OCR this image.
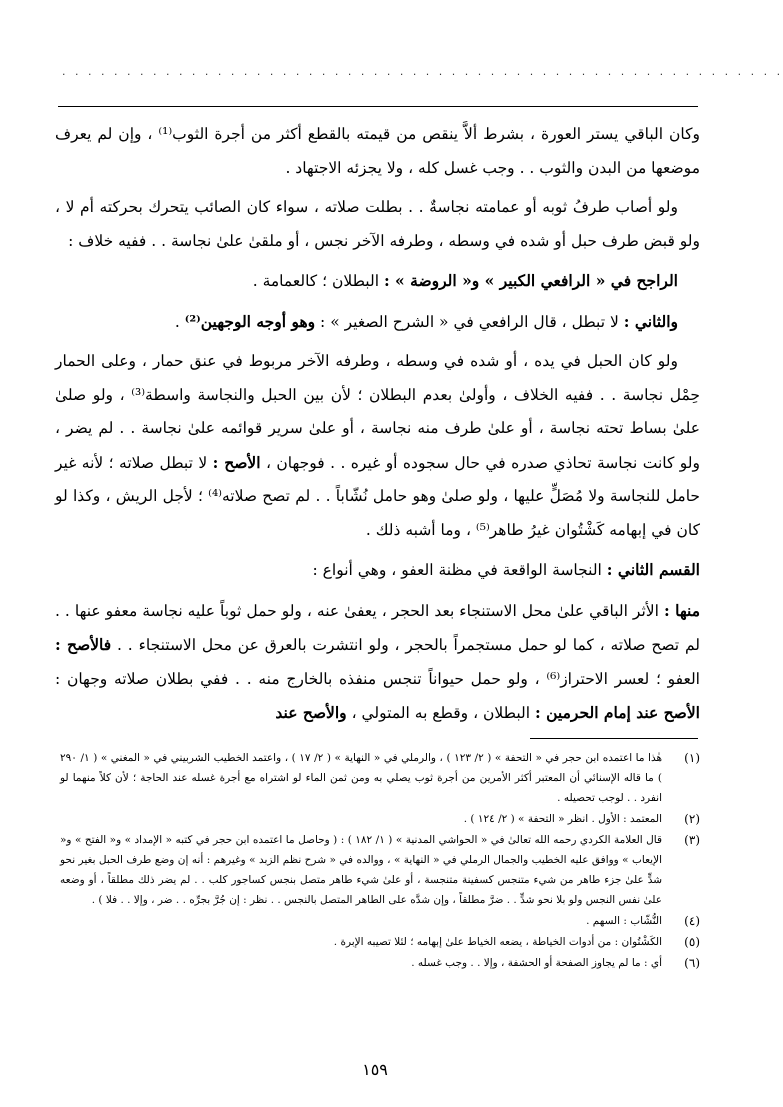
· · · · · · · · · · · · · · · · · · · · · · · · · · · · · · · · · · · · · · · · · · · · · · · · · · · · · · · ·

وكان الباقي يستر العورة ، بشرط ألاَّ ينقص من قيمته بالقطع أكثر من أجرة الثوب⁽¹⁾ ، وإن لم يعرف موضعها من البدن والثوب . . وجب غسل كله ، ولا يجزئه الاجتهاد .

ولو أصاب طرفُ ثوبه أو عمامته نجاسةٌ . . بطلت صلاته ، سواء كان الصائب يتحرك بحركته أم لا ، ولو قبض طرف حبل أو شده في وسطه ، وطرفه الآخر نجس ، أو ملقىٰ علىٰ نجاسة . . ففيه خلاف :

الراجح في « الرافعي الكبير » و« الروضة » : البطلان ؛ كالعمامة .

والثاني : لا تبطل ، قال الرافعي في « الشرح الصغير » : وهو أوجه الوجهين⁽²⁾ .

ولو كان الحبل في يده ، أو شده في وسطه ، وطرفه الآخر مربوط في عنق حمار ، وعلى الحمار حِمْل نجاسة . . ففيه الخلاف ، وأولىٰ بعدم البطلان ؛ لأن بين الحبل والنجاسة واسطة⁽³⁾ ، ولو صلىٰ علىٰ بساط تحته نجاسة ، أو علىٰ طرف منه نجاسة ، أو علىٰ سرير قوائمه علىٰ نجاسة . . لم يضر ، ولو كانت نجاسة تحاذي صدره في حال سجوده أو غيره . . فوجهان ، الأصح : لا تبطل صلاته ؛ لأنه غير حامل للنجاسة ولا مُصَلٍّ عليها ، ولو صلىٰ وهو حامل نُشّاباً . . لم تصح صلاته⁽⁴⁾ ؛ لأجل الريش ، وكذا لو كان في إبهامه كَشْتُوان غيرُ طاهر⁽⁵⁾ ، وما أشبه ذلك .

القسم الثاني : النجاسة الواقعة في مظنة العفو ، وهي أنواع :

منها : الأثر الباقي علىٰ محل الاستنجاء بعد الحجر ، يعفىٰ عنه ، ولو حمل ثوباً عليه نجاسة معفو عنها . . لم تصح صلاته ، كما لو حمل مستجمراً بالحجر ، ولو انتشرت بالعرق عن محل الاستنجاء . . فالأصح : العفو ؛ لعسر الاحتراز⁽⁶⁾ ، ولو حمل حيواناً تنجس منفذه بالخارج منه . . ففي بطلان صلاته وجهان : الأصح عند إمام الحرمين : البطلان ، وقطع به المتولي ، والأصح عند

(١)
هٰذا ما اعتمده ابن حجر في « التحفة » ( ٢/ ١٢٣ ) ، والرملي في « النهاية » ( ٢/ ١٧ ) ، واعتمد الخطيب الشربيني في « المغني » ( ١/ ٢٩٠ ) ما قاله الإسنائي أن المعتبر أكثر الأمرين من أجرة ثوب يصلي به ومن ثمن الماء لو اشتراه مع أجرة غسله عند الحاجة ؛ لأن كلاً منهما لو انفرد . . لوجب تحصيله .
(٢)
المعتمد : الأول . انظر « التحفة » ( ٢/ ١٢٤ ) .
(٣)
قال العلامة الكردي رحمه الله تعالىٰ في « الحواشي المدنية » ( ١/ ١٨٢ ) : ( وحاصل ما اعتمده ابن حجر في كتبه « الإمداد » و« الفتح » و« الإيعاب » ووافق عليه الخطيب والجمال الرملي في « النهاية » ، ووالده في « شرح نظم الزبد » وغيرهم : أنه إن وضع طرف الحبل بغير نحو شدٍّ علىٰ جزء طاهر من شيء متنجس كسفينة متنجسة ، أو علىٰ شيء طاهر متصل بنجس كساجور كلب . . لم يضر ذلك مطلقاً ، أو وضعه علىٰ نفس النجس ولو بلا نحو شدٍّ . . ضرَّ مطلقاً ، وإن شدَّه على الطاهر المتصل بالنجس . . نظر : إن جُرَّ بجرِّه . . ضر ، وإلا . . فلا ) .
(٤)
النُّشّاب : السهم .
(٥)
الكَشْتُوان : من أدوات الخياطة ، يضعه الخياط علىٰ إبهامه ؛ لئلا تصيبه الإبرة .
(٦)
أي : ما لم يجاوز الصفحة أو الحشفة ، وإلا . . وجب غسله .
١٥٩
